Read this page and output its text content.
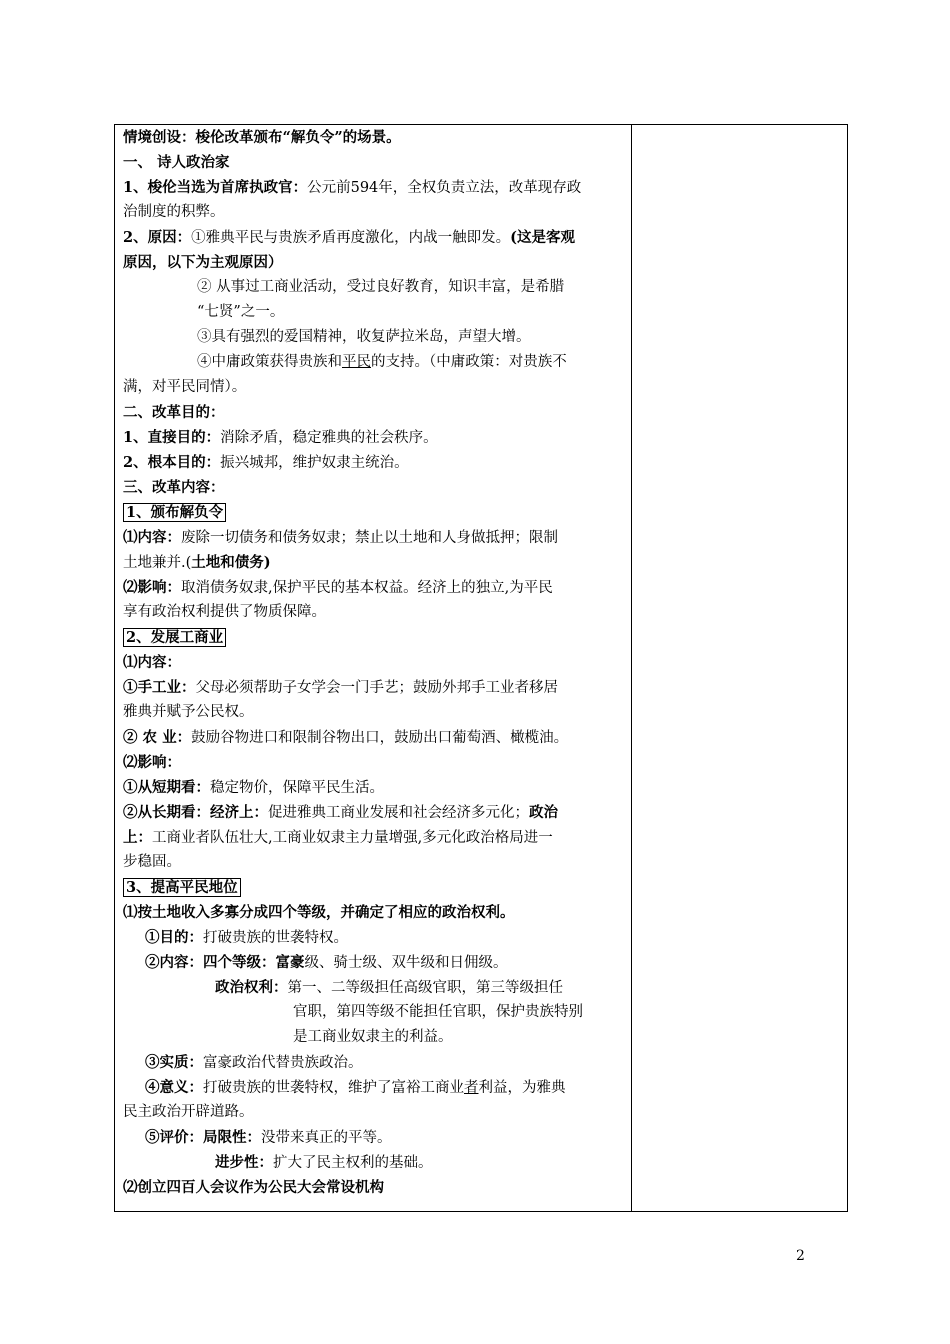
情境创设：梭伦改革颁布“解负令”的场景。
一、 诗人政治家
1、梭伦当选为首席执政官：公元前594年，全权负责立法，改革现存政
治制度的积弊。
2、原因：①雅典平民与贵族矛盾再度激化，内战一触即发。(这是客观
原因，以下为主观原因）
② 从事过工商业活动，受过良好教育，知识丰富，是希腊
“七贤”之一。
③具有强烈的爱国精神，收复萨拉米岛，声望大增。
④中庸政策获得贵族和平民的支持。（中庸政策：对贵族不
满，对平民同情）。
二、改革目的：
1、直接目的：消除矛盾，稳定雅典的社会秩序。
2、根本目的：振兴城邦，维护奴隶主统治。
三、改革内容：
1、颁布解负令
⑴内容：废除一切债务和债务奴隶；禁止以土地和人身做抵押；限制
土地兼并.(土地和债务)
⑵影响：取消债务奴隶,保护平民的基本权益。经济上的独立,为平民
享有政治权利提供了物质保障。
2、发展工商业
⑴内容：
①手工业：父母必须帮助子女学会一门手艺；鼓励外邦手工业者移居
雅典并赋予公民权。
② 农 业：鼓励谷物进口和限制谷物出口，鼓励出口葡萄酒、橄榄油。
⑵影响：
①从短期看：稳定物价，保障平民生活。
②从长期看：经济上：促进雅典工商业发展和社会经济多元化；政治
上：工商业者队伍壮大,工商业奴隶主力量增强,多元化政治格局进一
步稳固。
3、提高平民地位
⑴按土地收入多寡分成四个等级，并确定了相应的政治权利。
①目的：打破贵族的世袭特权。
②内容：四个等级：富豪级、骑士级、双牛级和日佣级。
政治权利：第一、二等级担任高级官职，第三等级担任
官职，第四等级不能担任官职，保护贵族特别
是工商业奴隶主的利益。
③实质：富豪政治代替贵族政治。
④意义：打破贵族的世袭特权，维护了富裕工商业者利益，为雅典
民主政治开辟道路。
⑤评价：局限性：没带来真正的平等。
进步性：扩大了民主权利的基础。
⑵创立四百人会议作为公民大会常设机构
2
